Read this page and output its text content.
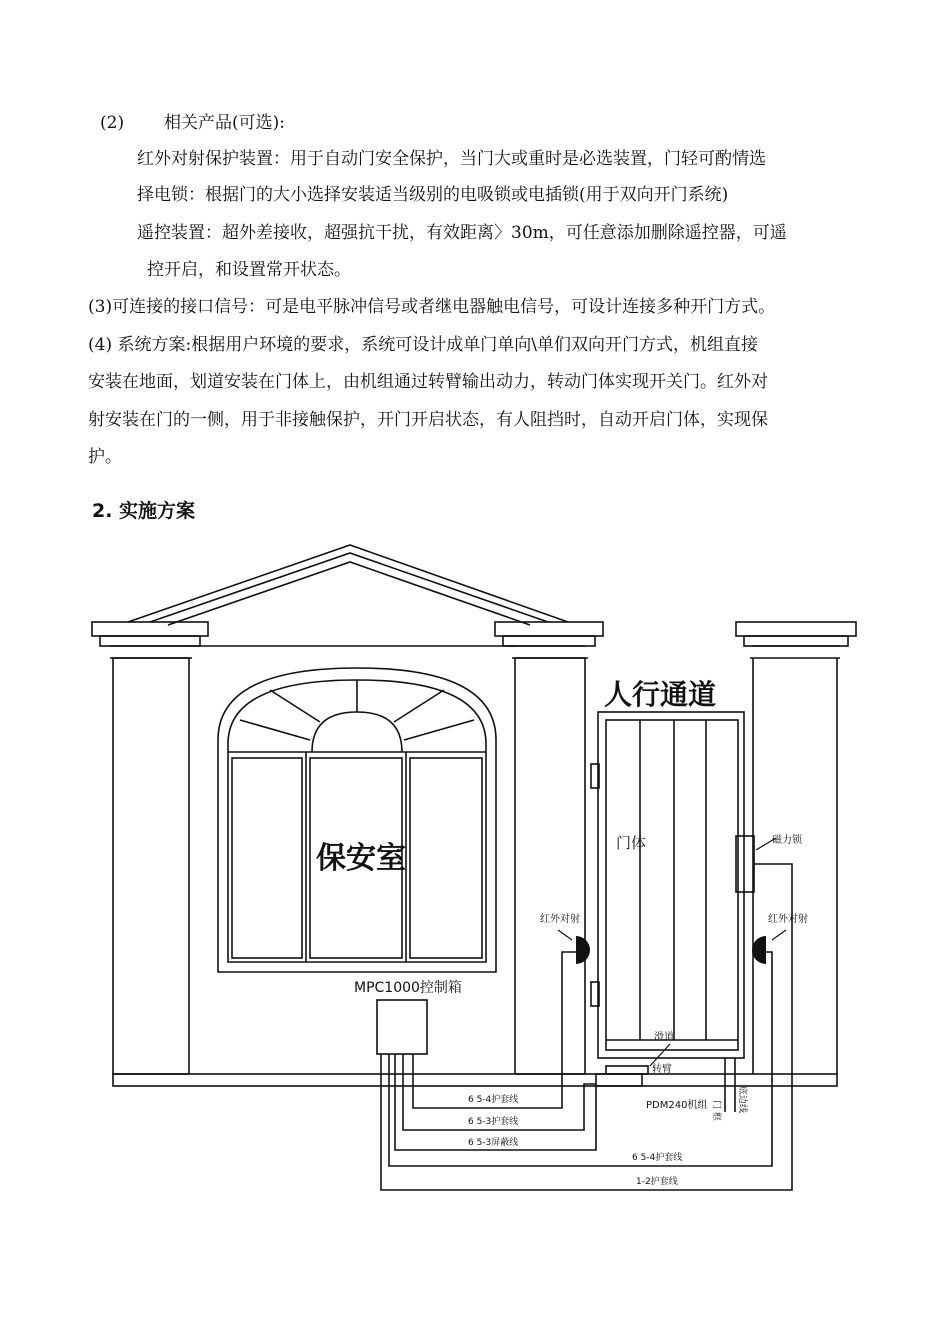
(2) 相关产品(可选):
红外对射保护装置：用于自动门安全保护，当门大或重时是必选装置，门轻可酌情选
择电锁：根据门的大小选择安装适当级别的电吸锁或电插锁(用于双向开门系统)
遥控装置：超外差接收，超强抗干扰，有效距离〉30m，可任意添加删除遥控器，可遥
控开启，和设置常开状态。
(3)可连接的接口信号：可是电平脉冲信号或者继电器触电信号，可设计连接多种开门方式。
(4) 系统方案:根据用户环境的要求，系统可设计成单门单向\单们双向开门方式，机组直接
安装在地面，划道安装在门体上，由机组通过转臂输出动力，转动门体实现开关门。红外对
射安装在门的一侧，用于非接触保护，开门开启状态，有人阻挡时，自动开启门体，实现保
护。
2. 实施方案
人行通道
保安室	门体	磁力锁
红外对射	红外对射
MPC1000控制箱
滑道
转臂
PDM240机组 门 框 底边线
6 5-4护套线
6 5-3护套线
6 5-3屏蔽线
6 5-4护套线
1-2护套线
